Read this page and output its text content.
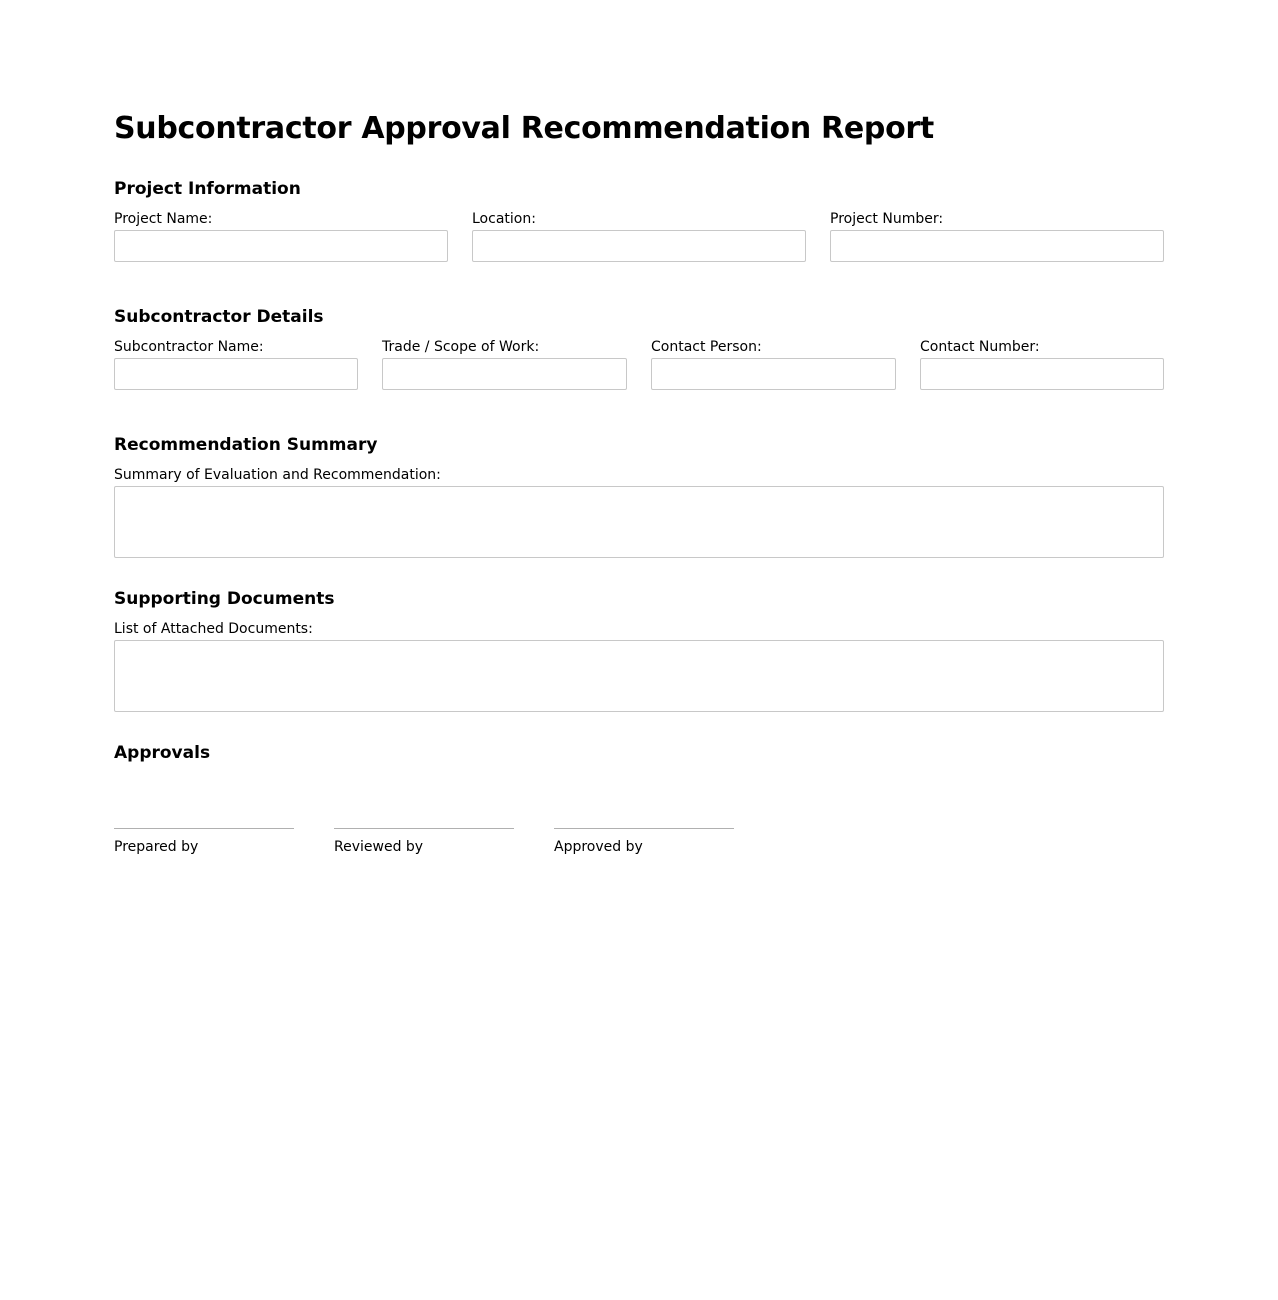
Subcontractor Approval Recommendation Report
Project Information
Project Name:	Location:	Project Number:
Subcontractor Details
Subcontractor Name:	Trade / Scope of Work:	Contact Person:	Contact Number:
Recommendation Summary
Summary of Evaluation and Recommendation:
Supporting Documents
List of Attached Documents:
Approvals
Prepared by	Reviewed by	Approved by
